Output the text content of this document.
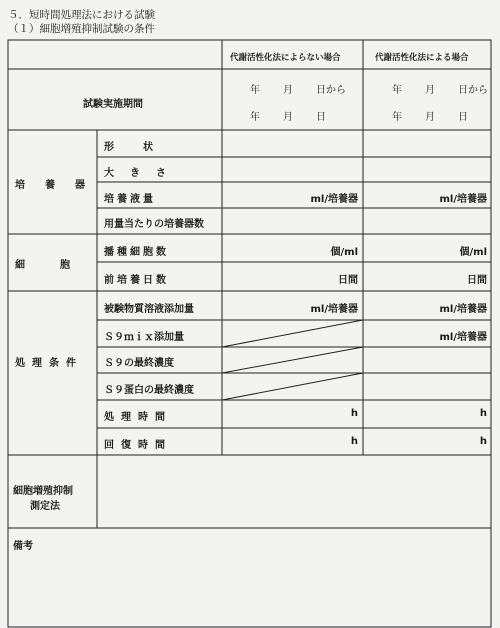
５．短時間処理法における試験
（１）細胞増殖抑制試験の条件
代謝活性化法によらない場合	代謝活性化法による場合
試験実施期間
年 月 日から
年 月 日
年 月 日から
年 月 日
培　養　器
細　　胞
処理条件
形　　状
大　き　さ
培養液量
用量当たりの培養器数
播種細胞数
前培養日数
被験物質溶液添加量
Ｓ９ｍｉｘ添加量
Ｓ９の最終濃度
Ｓ９蛋白の最終濃度
処理時間
回復時間
ml/培養器
個/ml
日間
ml/培養器
h
h
ml/培養器
個/ml
日間
ml/培養器
ml/培養器
h
h
細胞増殖抑制
測定法
備考
